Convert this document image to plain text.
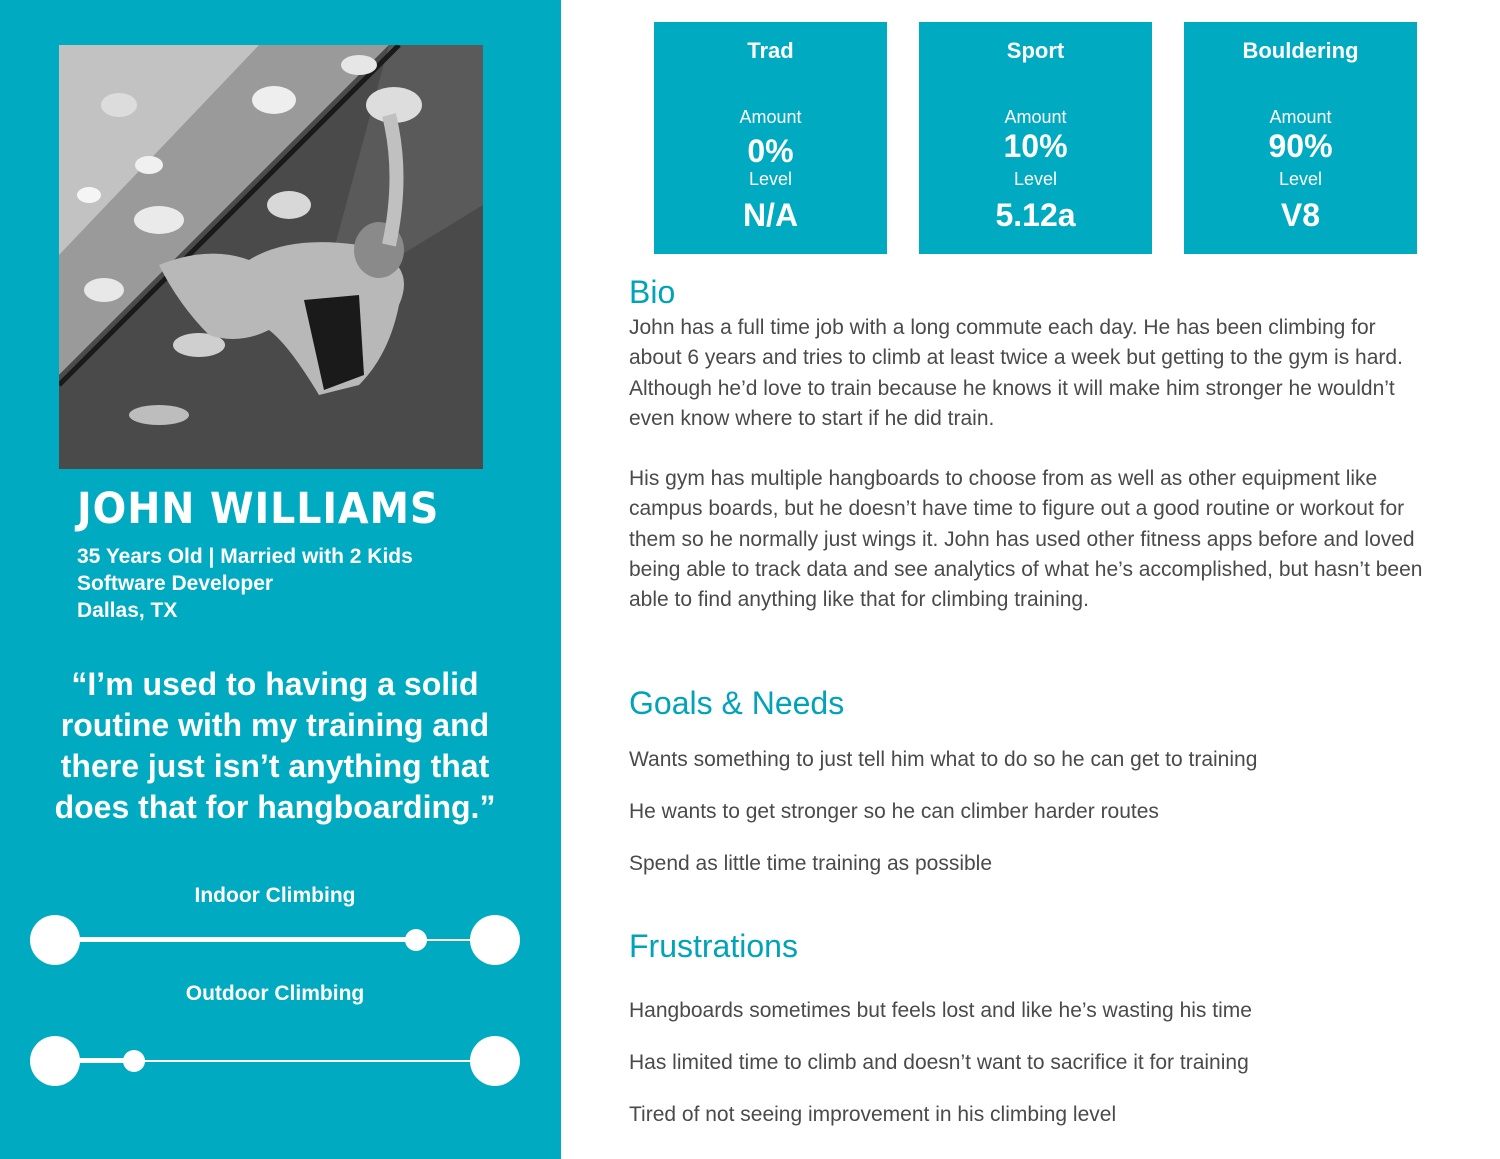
JOHN WILLIAMS
35 Years Old | Married with 2 Kids
Software Developer
Dallas, TX
“I’m used to having a solid routine with my training and there just isn’t anything that does that for hangboarding.”
Indoor Climbing
Outdoor Climbing
Trad
Amount
0%
Level
N/A
Sport
Amount
10%
Level
5.12a
Bouldering
Amount
90%
Level
V8
Bio
John has a full time job with a long commute each day. He has been climbing for about 6 years and tries to climb at least twice a week but getting to the gym is hard. Although he’d love to train because he knows it will make him stronger he wouldn’t even know where to start if he did train.
His gym has multiple hangboards to choose from as well as other equipment like campus boards, but he doesn’t have time to figure out a good routine or workout for them so he normally just wings it. John has used other fitness apps before and loved being able to track data and see analytics of what he’s accomplished, but hasn’t been able to find anything like that for climbing training.
Goals & Needs
Wants something to just tell him what to do so he can get to training
He wants to get stronger so he can climber harder routes
Spend as little time training as possible
Frustrations
Hangboards sometimes but feels lost and like he’s wasting his time
Has limited time to climb and doesn’t want to sacrifice it for training
Tired of not seeing improvement in his climbing level
